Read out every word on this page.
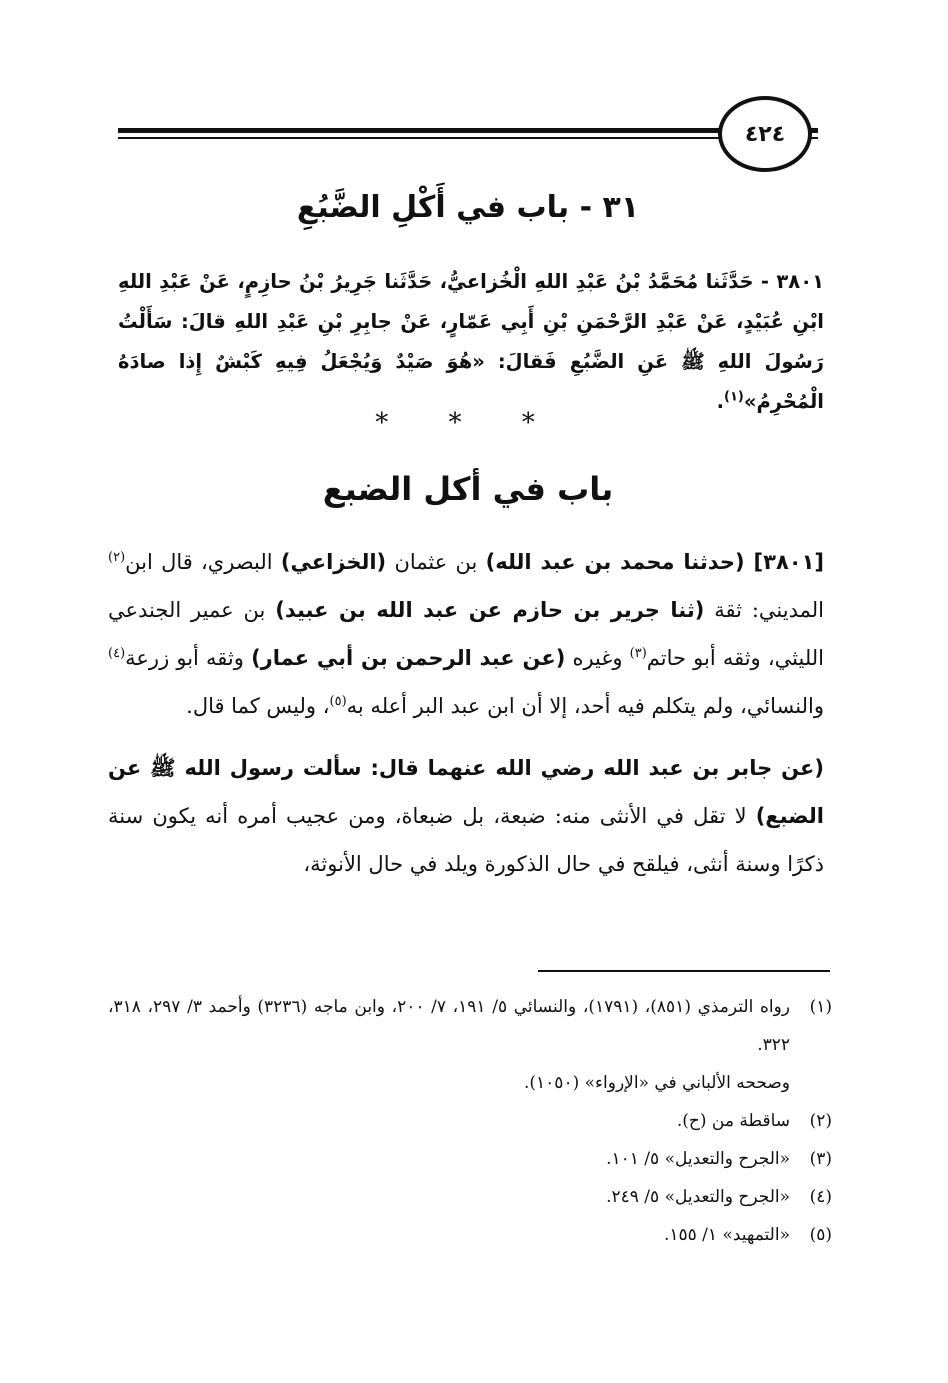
٤٢٤
٣١ - باب في أَكْلِ الضَّبُعِ
٣٨٠١ - حَدَّثَنا مُحَمَّدُ بْنُ عَبْدِ اللهِ الْخُزاعيُّ، حَدَّثَنا جَرِيرُ بْنُ حازِمٍ، عَنْ عَبْدِ اللهِ ابْنِ عُبَيْدٍ، عَنْ عَبْدِ الرَّحْمَنِ بْنِ أَبِي عَمّارٍ، عَنْ جابِرِ بْنِ عَبْدِ اللهِ قالَ: سَأَلْتُ رَسُولَ اللهِ ﷺ عَنِ الضَّبُعِ فَقالَ: «هُوَ صَيْدٌ وَيُجْعَلُ فِيهِ كَبْشٌ إِذا صادَهُ الْمُحْرِمُ»$^{(١)}$.
* * *
باب في أكل الضبع

[٣٨٠١] (حدثنا محمد بن عبد الله) بن عثمان (الخزاعي) البصري، قال ابن$^{(٢)}$ المديني: ثقة (ثنا جرير بن حازم عن عبد الله بن عبيد) بن عمير الجندعي الليثي، وثقه أبو حاتم$^{(٣)}$ وغيره (عن عبد الرحمن بن أبي عمار) وثقه أبو زرعة$^{(٤)}$ والنسائي، ولم يتكلم فيه أحد، إلا أن ابن عبد البر أعله به$^{(٥)}$، وليس كما قال.

(عن جابر بن عبد الله رضي الله عنهما قال: سألت رسول الله ﷺ عن الضبع) لا تقل في الأنثى منه: ضبعة، بل ضبعاة، ومن عجيب أمره أنه يكون سنة ذكرًا وسنة أنثى، فيلقح في حال الذكورة ويلد في حال الأنوثة،

(١)
رواه الترمذي (٨٥١)، (١٧٩١)، والنسائي ٥/ ١٩١، ٧/ ٢٠٠، وابن ماجه (٣٢٣٦) وأحمد ٣/ ٢٩٧، ٣١٨، ٣٢٢.
وصححه الألباني في «الإرواء» (١٠٥٠).
(٢)
ساقطة من (ح).
(٣)
«الجرح والتعديل» ٥/ ١٠١.
(٤)
«الجرح والتعديل» ٥/ ٢٤٩.
(٥)
«التمهيد» ١/ ١٥٥.
